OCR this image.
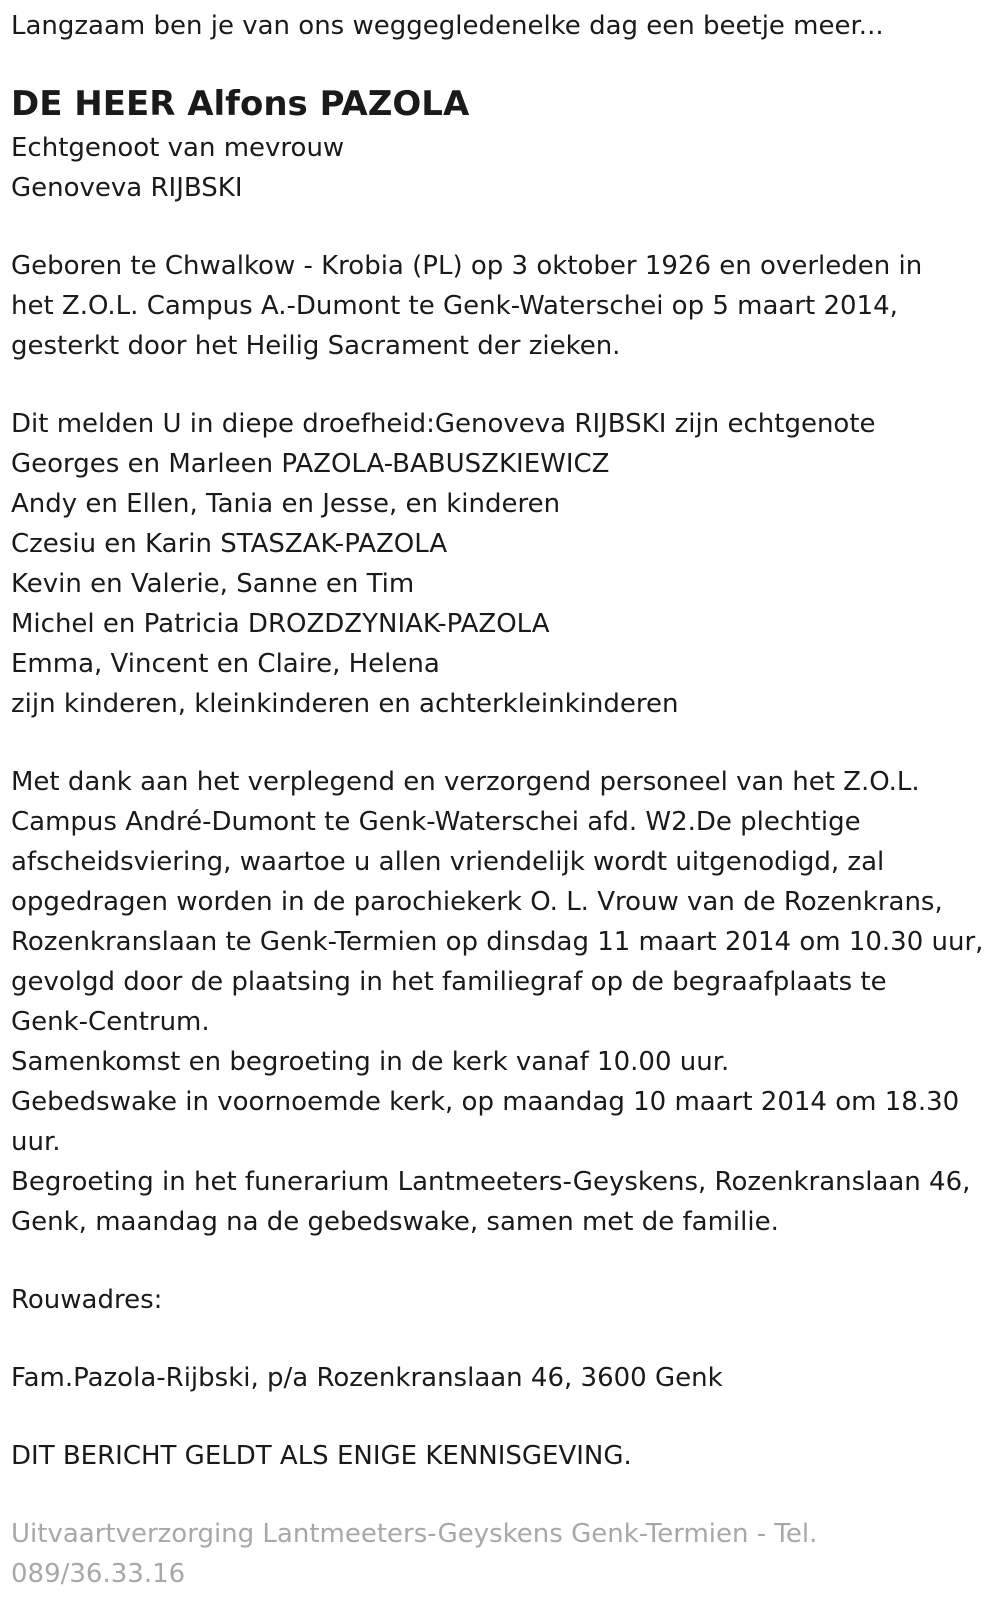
Langzaam ben je van ons weggegledenelke dag een beetje meer...

DE HEER Alfons PAZOLA

Echtgenoot van mevrouw

Genoveva RIJBSKI

Geboren te Chwalkow - Krobia (PL) op 3 oktober 1926 en overleden in

het Z.O.L. Campus A.-Dumont te Genk-Waterschei op 5 maart 2014,

gesterkt door het Heilig Sacrament der zieken.

Dit melden U in diepe droefheid:Genoveva RIJBSKI zijn echtgenote

Georges en Marleen PAZOLA-BABUSZKIEWICZ

Andy en Ellen, Tania en Jesse, en kinderen

Czesiu en Karin STASZAK-PAZOLA

Kevin en Valerie, Sanne en Tim

Michel en Patricia DROZDZYNIAK-PAZOLA

Emma, Vincent en Claire, Helena

zijn kinderen, kleinkinderen en achterkleinkinderen

Met dank aan het verplegend en verzorgend personeel van het Z.O.L.

Campus André-Dumont te Genk-Waterschei afd. W2.De plechtige

afscheidsviering, waartoe u allen vriendelijk wordt uitgenodigd, zal

opgedragen worden in de parochiekerk O. L. Vrouw van de Rozenkrans,

Rozenkranslaan te Genk-Termien op dinsdag 11 maart 2014 om 10.30 uur,

gevolgd door de plaatsing in het familiegraf op de begraafplaats te

Genk-Centrum.

Samenkomst en begroeting in de kerk vanaf 10.00 uur.

Gebedswake in voornoemde kerk, op maandag 10 maart 2014 om 18.30

uur.

Begroeting in het funerarium Lantmeeters-Geyskens, Rozenkranslaan 46,

Genk, maandag na de gebedswake, samen met de familie.

Rouwadres:

Fam.Pazola-Rijbski, p/a Rozenkranslaan 46, 3600 Genk

DIT BERICHT GELDT ALS ENIGE KENNISGEVING.

Uitvaartverzorging Lantmeeters-Geyskens Genk-Termien - Tel.

089/36.33.16
